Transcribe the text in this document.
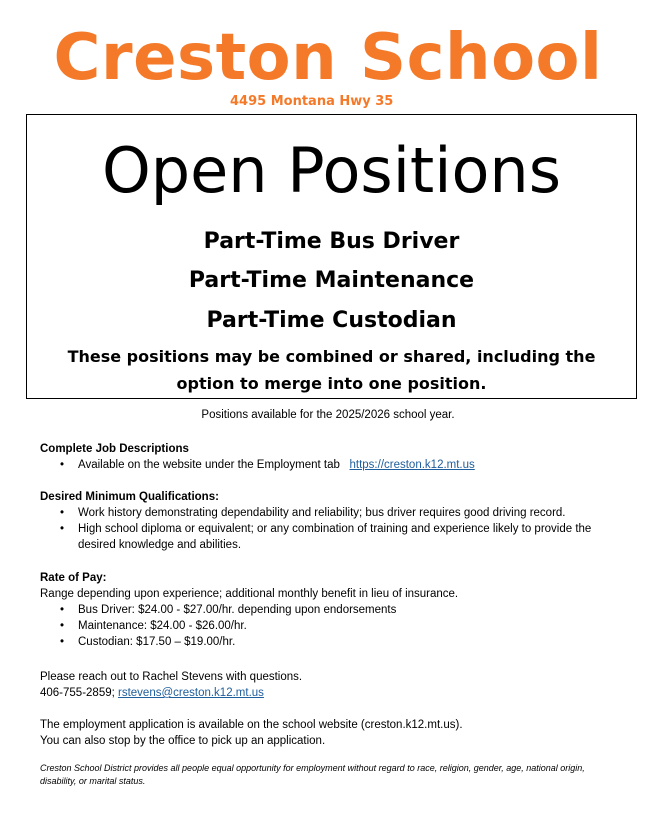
Creston School
4495 Montana Hwy 35
Open Positions
Part-Time Bus Driver
Part-Time Maintenance
Part-Time Custodian
These positions may be combined or shared, including the option to merge into one position.
Positions available for the 2025/2026 school year.
Complete Job Descriptions
• Available on the website under the Employment tab https://creston.k12.mt.us
Desired Minimum Qualifications:
• Work history demonstrating dependability and reliability; bus driver requires good driving record.
• High school diploma or equivalent; or any combination of training and experience likely to provide the desired knowledge and abilities.
Rate of Pay:

Range depending upon experience; additional monthly benefit in lieu of insurance.

• Bus Driver: $24.00 - $27.00/hr. depending upon endorsements
• Maintenance: $24.00 - $26.00/hr.
• Custodian: $17.50 – $19.00/hr.

Please reach out to Rachel Stevens with questions.

406-755-2859; rstevens@creston.k12.mt.us

The employment application is available on the school website (creston.k12.mt.us).

You can also stop by the office to pick up an application.

Creston School District provides all people equal opportunity for employment without regard to race, religion, gender, age, national origin, disability, or marital status.
